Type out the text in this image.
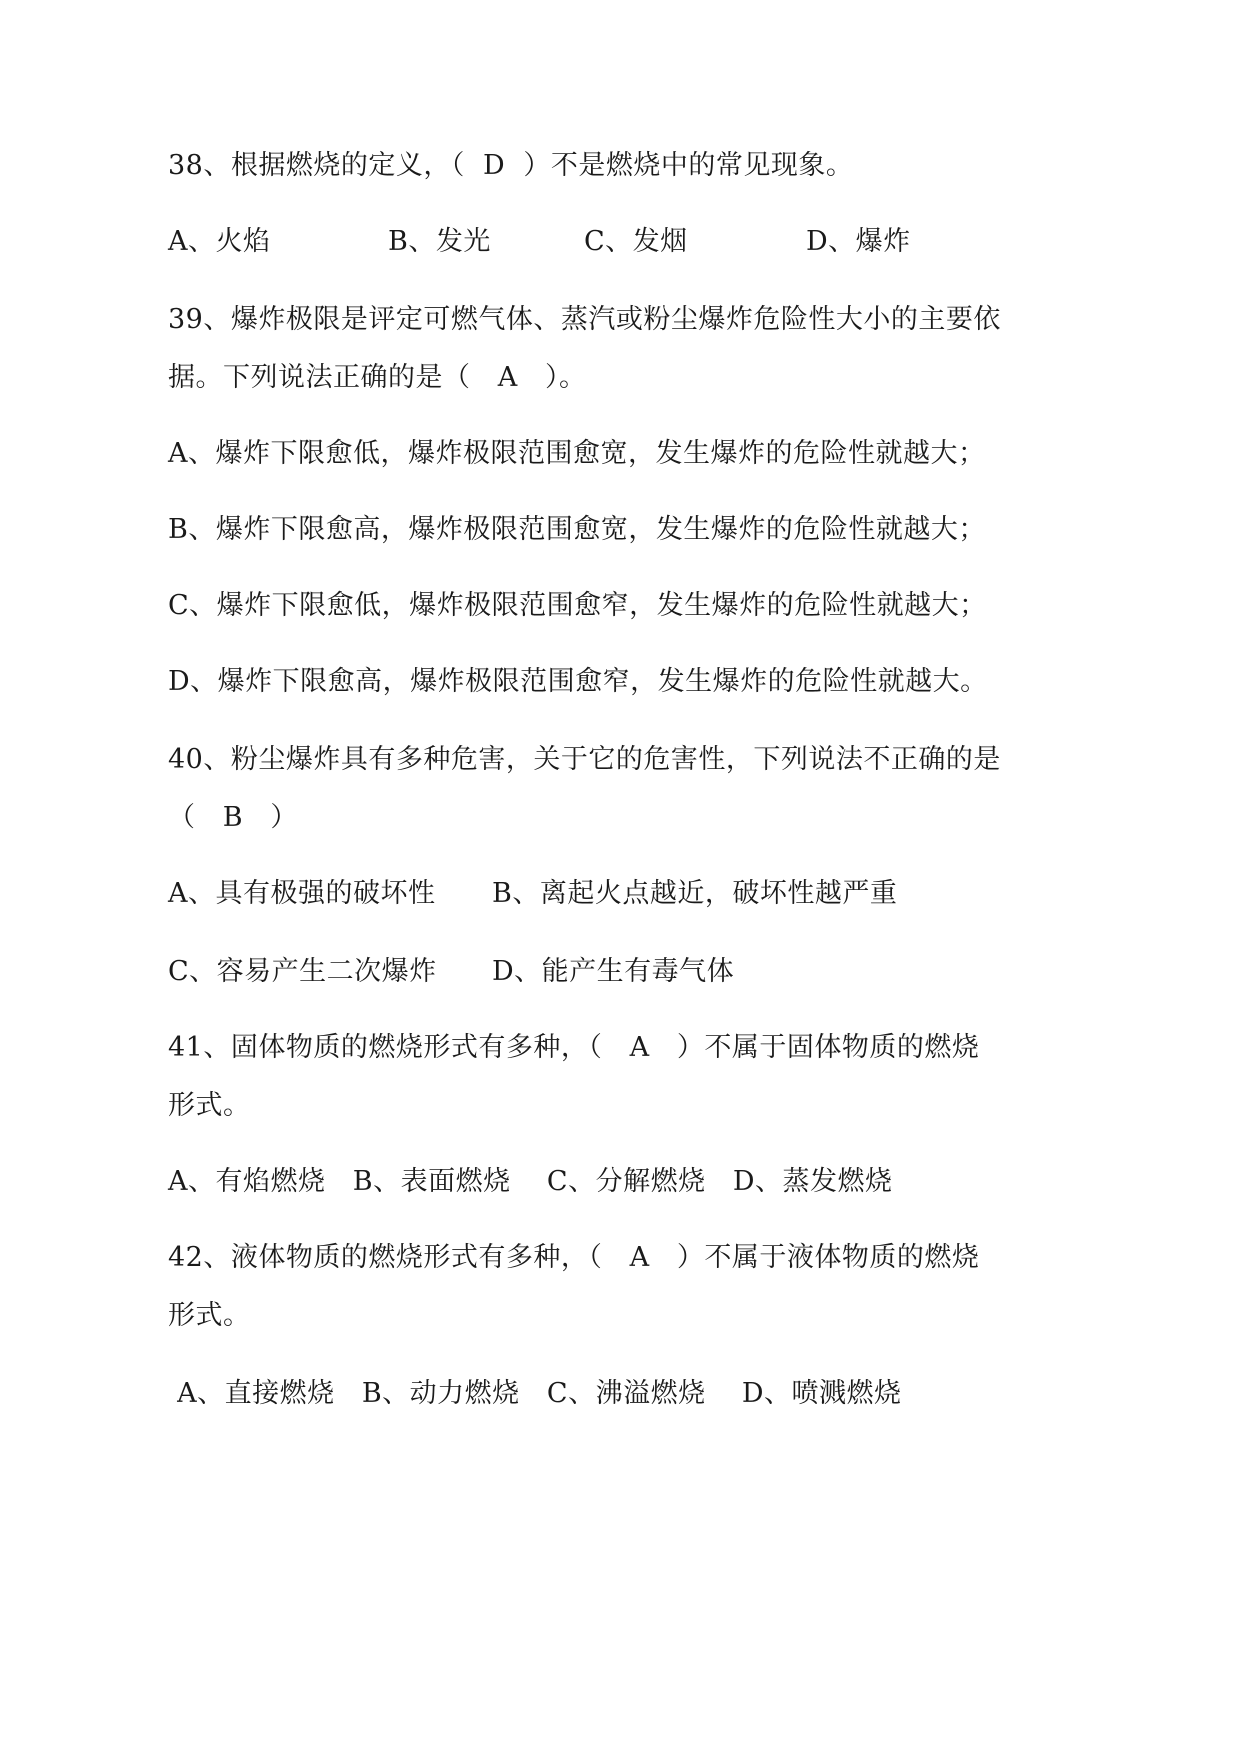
38、根据燃烧的定义，（  D  ）不是燃烧中的常见现象。
A、火焰	B、发光	C、发烟	D、爆炸
39、爆炸极限是评定可燃气体、蒸汽或粉尘爆炸危险性大小的主要依
据。下列说法正确的是（   A   ）。
A、爆炸下限愈低，爆炸极限范围愈宽，发生爆炸的危险性就越大；
B、爆炸下限愈高，爆炸极限范围愈宽，发生爆炸的危险性就越大；
C、爆炸下限愈低，爆炸极限范围愈窄，发生爆炸的危险性就越大；
D、爆炸下限愈高，爆炸极限范围愈窄，发生爆炸的危险性就越大。
40、粉尘爆炸具有多种危害，关于它的危害性，下列说法不正确的是
（   B   ）
A、具有极强的破坏性 B、离起火点越近，破坏性越严重
C、容易产生二次爆炸 D、能产生有毒气体
41、固体物质的燃烧形式有多种，（   A   ）不属于固体物质的燃烧
形式。
A、有焰燃烧   B、表面燃烧    C、分解燃烧   D、蒸发燃烧
42、液体物质的燃烧形式有多种，（   A   ）不属于液体物质的燃烧
形式。
A、直接燃烧   B、动力燃烧   C、沸溢燃烧    D、喷溅燃烧
